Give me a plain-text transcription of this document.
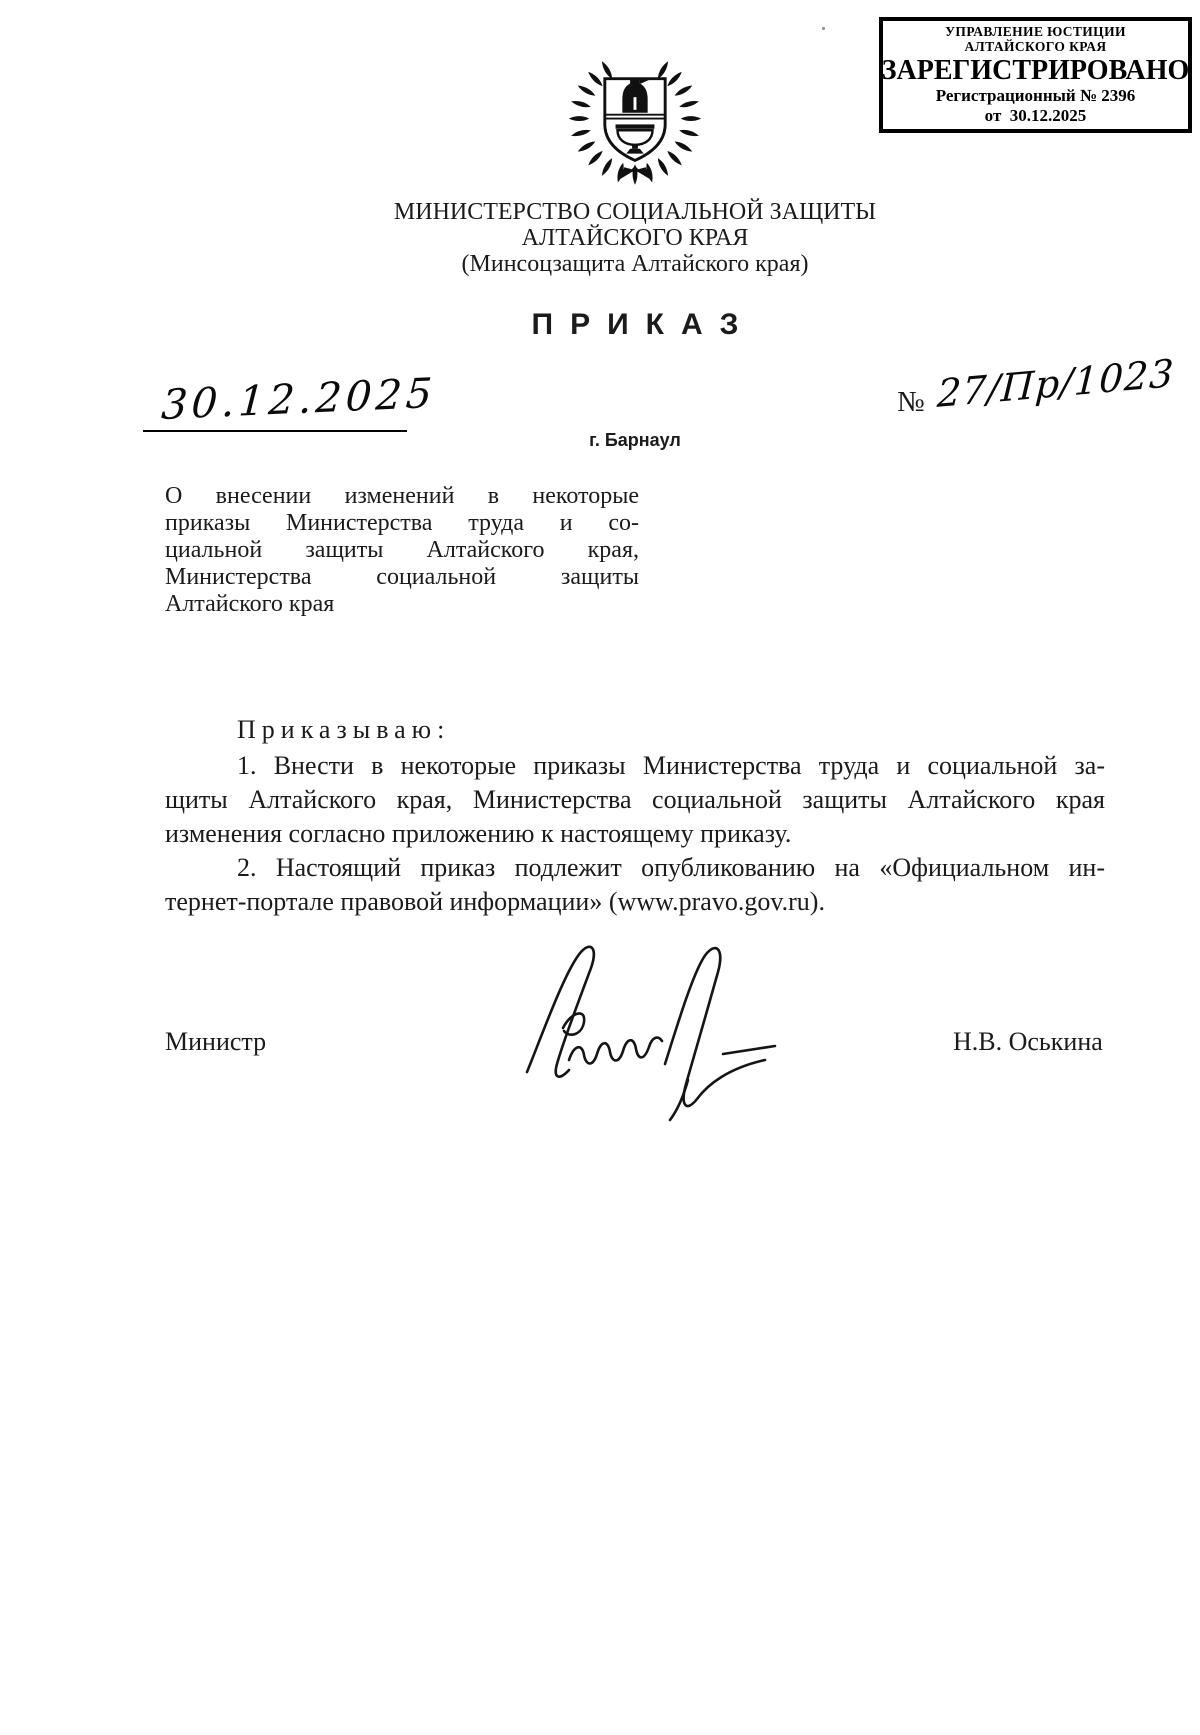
УПРАВЛЕНИЕ ЮСТИЦИИ
АЛТАЙСКОГО КРАЯ
ЗАРЕГИСТРИРОВАНО
Регистрационный № 2396
от  30.12.2025
МИНИСТЕРСТВО СОЦИАЛЬНОЙ ЗАЩИТЫ
АЛТАЙСКОГО КРАЯ
(Минсоцзащита Алтайского края)
ПРИКАЗ
30.12.2025	№ 27/Пр/1023
г. Барнаул
О внесении изменений в некоторые
приказы Министерства труда и со-
циальной защиты Алтайского края,
Министерства социальной защиты
Алтайского края
Приказываю:
1. Внести в некоторые приказы Министерства труда и социальной за-
щиты Алтайского края, Министерства социальной защиты Алтайского края
изменения согласно приложению к настоящему приказу.
2. Настоящий приказ подлежит опубликованию на «Официальном ин-
тернет-портале правовой информации» (www.pravo.gov.ru).
Министр	Н.В. Оськина
